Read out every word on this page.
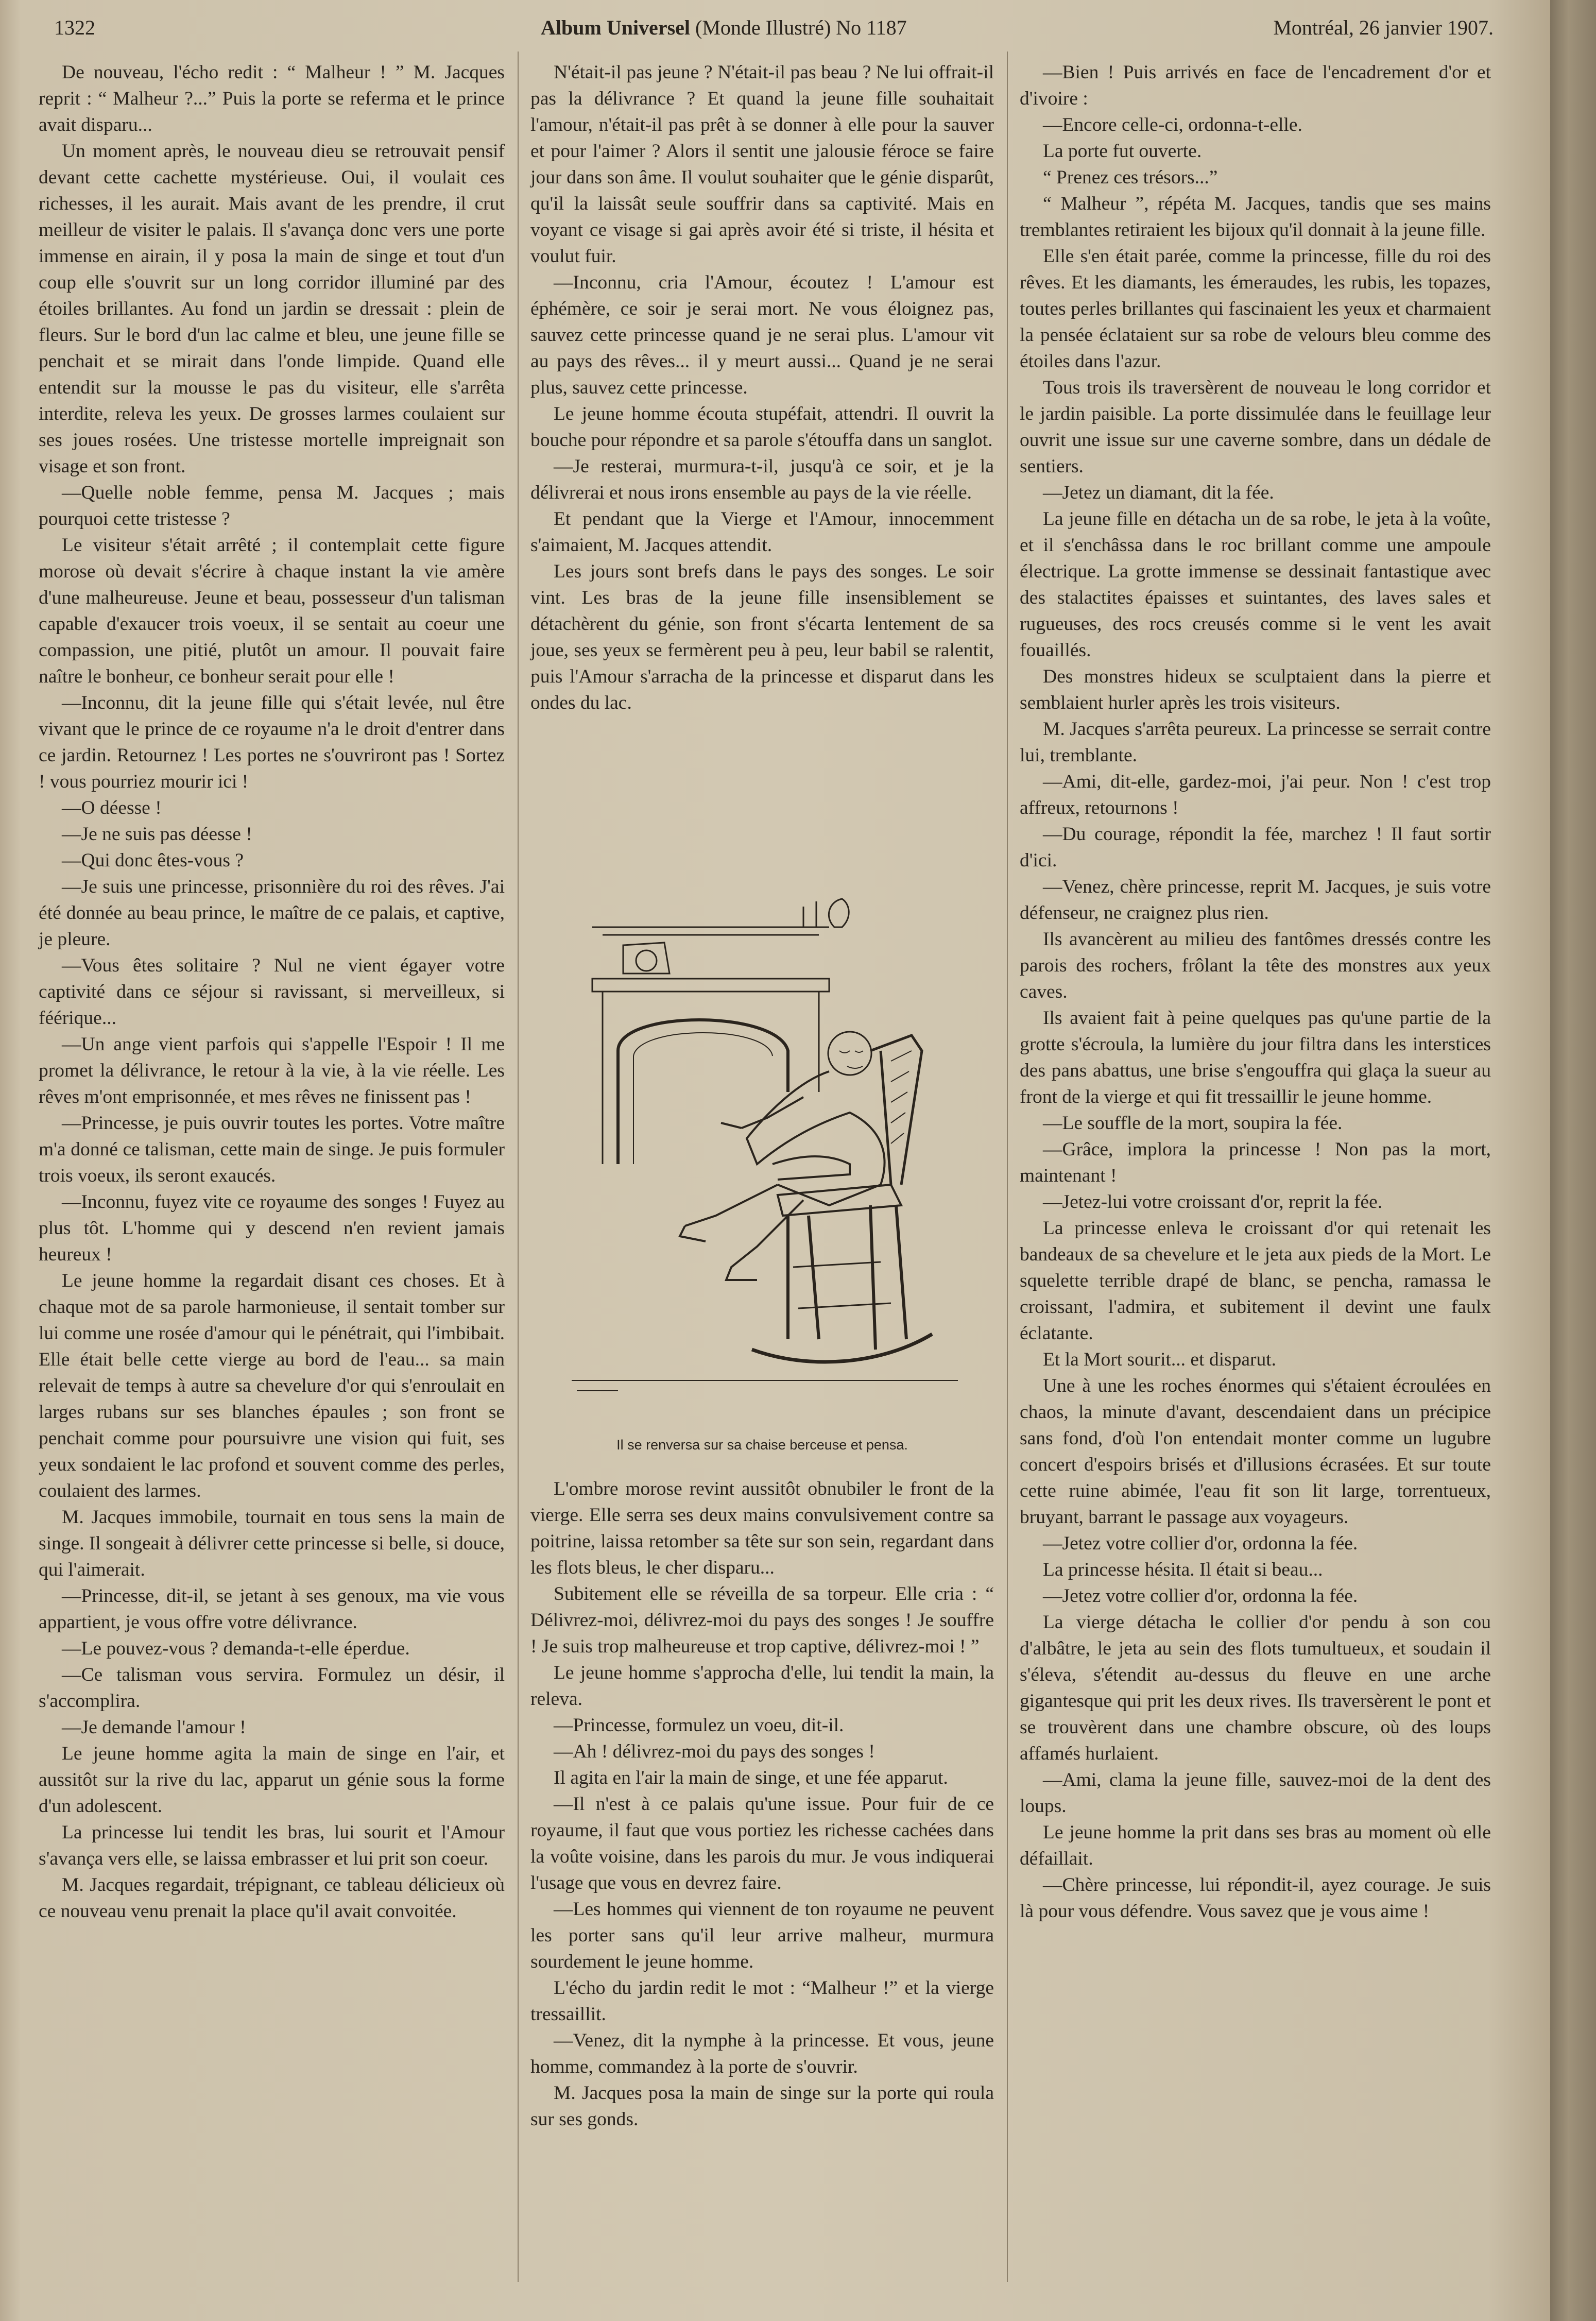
1322	Album Universel (Monde Illustré) No 1187	Montréal, 26 janvier 1907.

De nouveau, l'écho redit : “ Malheur ! ” M. Jacques reprit : “ Malheur ?...” Puis la porte se referma et le prince avait disparu...

Un moment après, le nouveau dieu se retrouvait pensif devant cette cachette mystérieuse. Oui, il voulait ces richesses, il les aurait. Mais avant de les prendre, il crut meilleur de visiter le palais. Il s'avança donc vers une porte immense en airain, il y posa la main de singe et tout d'un coup elle s'ouvrit sur un long corridor illuminé par des étoiles brillantes. Au fond un jardin se dressait : plein de fleurs. Sur le bord d'un lac calme et bleu, une jeune fille se penchait et se mirait dans l'onde limpide. Quand elle entendit sur la mousse le pas du visiteur, elle s'arrêta interdite, releva les yeux. De grosses larmes coulaient sur ses joues rosées. Une tristesse mortelle impreignait son visage et son front.

—Quelle noble femme, pensa M. Jacques ; mais pourquoi cette tristesse ?

Le visiteur s'était arrêté ; il contemplait cette figure morose où devait s'écrire à chaque instant la vie amère d'une malheureuse. Jeune et beau, possesseur d'un talisman capable d'exaucer trois voeux, il se sentait au coeur une compassion, une pitié, plutôt un amour. Il pouvait faire naître le bonheur, ce bonheur serait pour elle !

—Inconnu, dit la jeune fille qui s'était levée, nul être vivant que le prince de ce royaume n'a le droit d'entrer dans ce jardin. Retournez ! Les portes ne s'ouvriront pas ! Sortez ! vous pourriez mourir ici !

—O déesse !

—Je ne suis pas déesse !

—Qui donc êtes-vous ?

—Je suis une princesse, prisonnière du roi des rêves. J'ai été donnée au beau prince, le maître de ce palais, et captive, je pleure.

—Vous êtes solitaire ? Nul ne vient égayer votre captivité dans ce séjour si ravissant, si merveilleux, si féérique...

—Un ange vient parfois qui s'appelle l'Espoir ! Il me promet la délivrance, le retour à la vie, à la vie réelle. Les rêves m'ont emprisonnée, et mes rêves ne finissent pas !

—Princesse, je puis ouvrir toutes les portes. Votre maître m'a donné ce talisman, cette main de singe. Je puis formuler trois voeux, ils seront exaucés.

—Inconnu, fuyez vite ce royaume des songes ! Fuyez au plus tôt. L'homme qui y descend n'en revient jamais heureux !

Le jeune homme la regardait disant ces choses. Et à chaque mot de sa parole harmonieuse, il sentait tomber sur lui comme une rosée d'amour qui le pénétrait, qui l'imbibait. Elle était belle cette vierge au bord de l'eau... sa main relevait de temps à autre sa chevelure d'or qui s'enroulait en larges rubans sur ses blanches épaules ; son front se penchait comme pour poursuivre une vision qui fuit, ses yeux sondaient le lac profond et souvent comme des perles, coulaient des larmes.

M. Jacques immobile, tournait en tous sens la main de singe. Il songeait à délivrer cette princesse si belle, si douce, qui l'aimerait.

—Princesse, dit-il, se jetant à ses genoux, ma vie vous appartient, je vous offre votre délivrance.

—Le pouvez-vous ? demanda-t-elle éperdue.

—Ce talisman vous servira. Formulez un désir, il s'accomplira.

—Je demande l'amour !

Le jeune homme agita la main de singe en l'air, et aussitôt sur la rive du lac, apparut un génie sous la forme d'un adolescent.

La princesse lui tendit les bras, lui sourit et l'Amour s'avança vers elle, se laissa embrasser et lui prit son coeur.

M. Jacques regardait, trépignant, ce tableau délicieux où ce nouveau venu prenait la place qu'il avait convoitée.

N'était-il pas jeune ? N'était-il pas beau ? Ne lui offrait-il pas la délivrance ? Et quand la jeune fille souhaitait l'amour, n'était-il pas prêt à se donner à elle pour la sauver et pour l'aimer ? Alors il sentit une jalousie féroce se faire jour dans son âme. Il voulut souhaiter que le génie disparût, qu'il la laissât seule souffrir dans sa captivité. Mais en voyant ce visage si gai après avoir été si triste, il hésita et voulut fuir.

—Inconnu, cria l'Amour, écoutez ! L'amour est éphémère, ce soir je serai mort. Ne vous éloignez pas, sauvez cette princesse quand je ne serai plus. L'amour vit au pays des rêves... il y meurt aussi... Quand je ne serai plus, sauvez cette princesse.

Le jeune homme écouta stupéfait, attendri. Il ouvrit la bouche pour répondre et sa parole s'étouffa dans un sanglot.

—Je resterai, murmura-t-il, jusqu'à ce soir, et je la délivrerai et nous irons ensemble au pays de la vie réelle.

Et pendant que la Vierge et l'Amour, innocemment s'aimaient, M. Jacques attendit.

Les jours sont brefs dans le pays des songes. Le soir vint. Les bras de la jeune fille insensiblement se détachèrent du génie, son front s'écarta lentement de sa joue, ses yeux se fermèrent peu à peu, leur babil se ralentit, puis l'Amour s'arracha de la princesse et disparut dans les ondes du lac.

Il se renversa sur sa chaise berceuse et pensa.

L'ombre morose revint aussitôt obnubiler le front de la vierge. Elle serra ses deux mains convulsivement contre sa poitrine, laissa retomber sa tête sur son sein, regardant dans les flots bleus, le cher disparu...

Subitement elle se réveilla de sa torpeur. Elle cria : “ Délivrez-moi, délivrez-moi du pays des songes ! Je souffre ! Je suis trop malheureuse et trop captive, délivrez-moi ! ”

Le jeune homme s'approcha d'elle, lui tendit la main, la releva.

—Princesse, formulez un voeu, dit-il.

—Ah ! délivrez-moi du pays des songes !

Il agita en l'air la main de singe, et une fée apparut.

—Il n'est à ce palais qu'une issue. Pour fuir de ce royaume, il faut que vous portiez les richesse cachées dans la voûte voisine, dans les parois du mur. Je vous indiquerai l'usage que vous en devrez faire.

—Les hommes qui viennent de ton royaume ne peuvent les porter sans qu'il leur arrive malheur, murmura sourdement le jeune homme.

L'écho du jardin redit le mot : “Malheur !” et la vierge tressaillit.

—Venez, dit la nymphe à la princesse. Et vous, jeune homme, commandez à la porte de s'ouvrir.

M. Jacques posa la main de singe sur la porte qui roula sur ses gonds.

—Bien ! Puis arrivés en face de l'encadrement d'or et d'ivoire :

—Encore celle-ci, ordonna-t-elle.

La porte fut ouverte.

“ Prenez ces trésors...”

“ Malheur ”, répéta M. Jacques, tandis que ses mains tremblantes retiraient les bijoux qu'il donnait à la jeune fille.

Elle s'en était parée, comme la princesse, fille du roi des rêves. Et les diamants, les émeraudes, les rubis, les topazes, toutes perles brillantes qui fascinaient les yeux et charmaient la pensée éclataient sur sa robe de velours bleu comme des étoiles dans l'azur.

Tous trois ils traversèrent de nouveau le long corridor et le jardin paisible. La porte dissimulée dans le feuillage leur ouvrit une issue sur une caverne sombre, dans un dédale de sentiers.

—Jetez un diamant, dit la fée.

La jeune fille en détacha un de sa robe, le jeta à la voûte, et il s'enchâssa dans le roc brillant comme une ampoule électrique. La grotte immense se dessinait fantastique avec des stalactites épaisses et suintantes, des laves sales et rugueuses, des rocs creusés comme si le vent les avait fouaillés.

Des monstres hideux se sculptaient dans la pierre et semblaient hurler après les trois visiteurs.

M. Jacques s'arrêta peureux. La princesse se serrait contre lui, tremblante.

—Ami, dit-elle, gardez-moi, j'ai peur. Non ! c'est trop affreux, retournons !

—Du courage, répondit la fée, marchez ! Il faut sortir d'ici.

—Venez, chère princesse, reprit M. Jacques, je suis votre défenseur, ne craignez plus rien.

Ils avancèrent au milieu des fantômes dressés contre les parois des rochers, frôlant la tête des monstres aux yeux caves.

Ils avaient fait à peine quelques pas qu'une partie de la grotte s'écroula, la lumière du jour filtra dans les interstices des pans abattus, une brise s'engouffra qui glaça la sueur au front de la vierge et qui fit tressaillir le jeune homme.

—Le souffle de la mort, soupira la fée.

—Grâce, implora la princesse ! Non pas la mort, maintenant !

—Jetez-lui votre croissant d'or, reprit la fée.

La princesse enleva le croissant d'or qui retenait les bandeaux de sa chevelure et le jeta aux pieds de la Mort. Le squelette terrible drapé de blanc, se pencha, ramassa le croissant, l'admira, et subitement il devint une faulx éclatante.

Et la Mort sourit... et disparut.

Une à une les roches énormes qui s'étaient écroulées en chaos, la minute d'avant, descendaient dans un précipice sans fond, d'où l'on entendait monter comme un lugubre concert d'espoirs brisés et d'illusions écrasées. Et sur toute cette ruine abimée, l'eau fit son lit large, torrentueux, bruyant, barrant le passage aux voyageurs.

—Jetez votre collier d'or, ordonna la fée.

La princesse hésita. Il était si beau...

—Jetez votre collier d'or, ordonna la fée.

La vierge détacha le collier d'or pendu à son cou d'albâtre, le jeta au sein des flots tumultueux, et soudain il s'éleva, s'étendit au-dessus du fleuve en une arche gigantesque qui prit les deux rives. Ils traversèrent le pont et se trouvèrent dans une chambre obscure, où des loups affamés hurlaient.

—Ami, clama la jeune fille, sauvez-moi de la dent des loups.

Le jeune homme la prit dans ses bras au moment où elle défaillait.

—Chère princesse, lui répondit-il, ayez courage. Je suis là pour vous défendre. Vous savez que je vous aime !
